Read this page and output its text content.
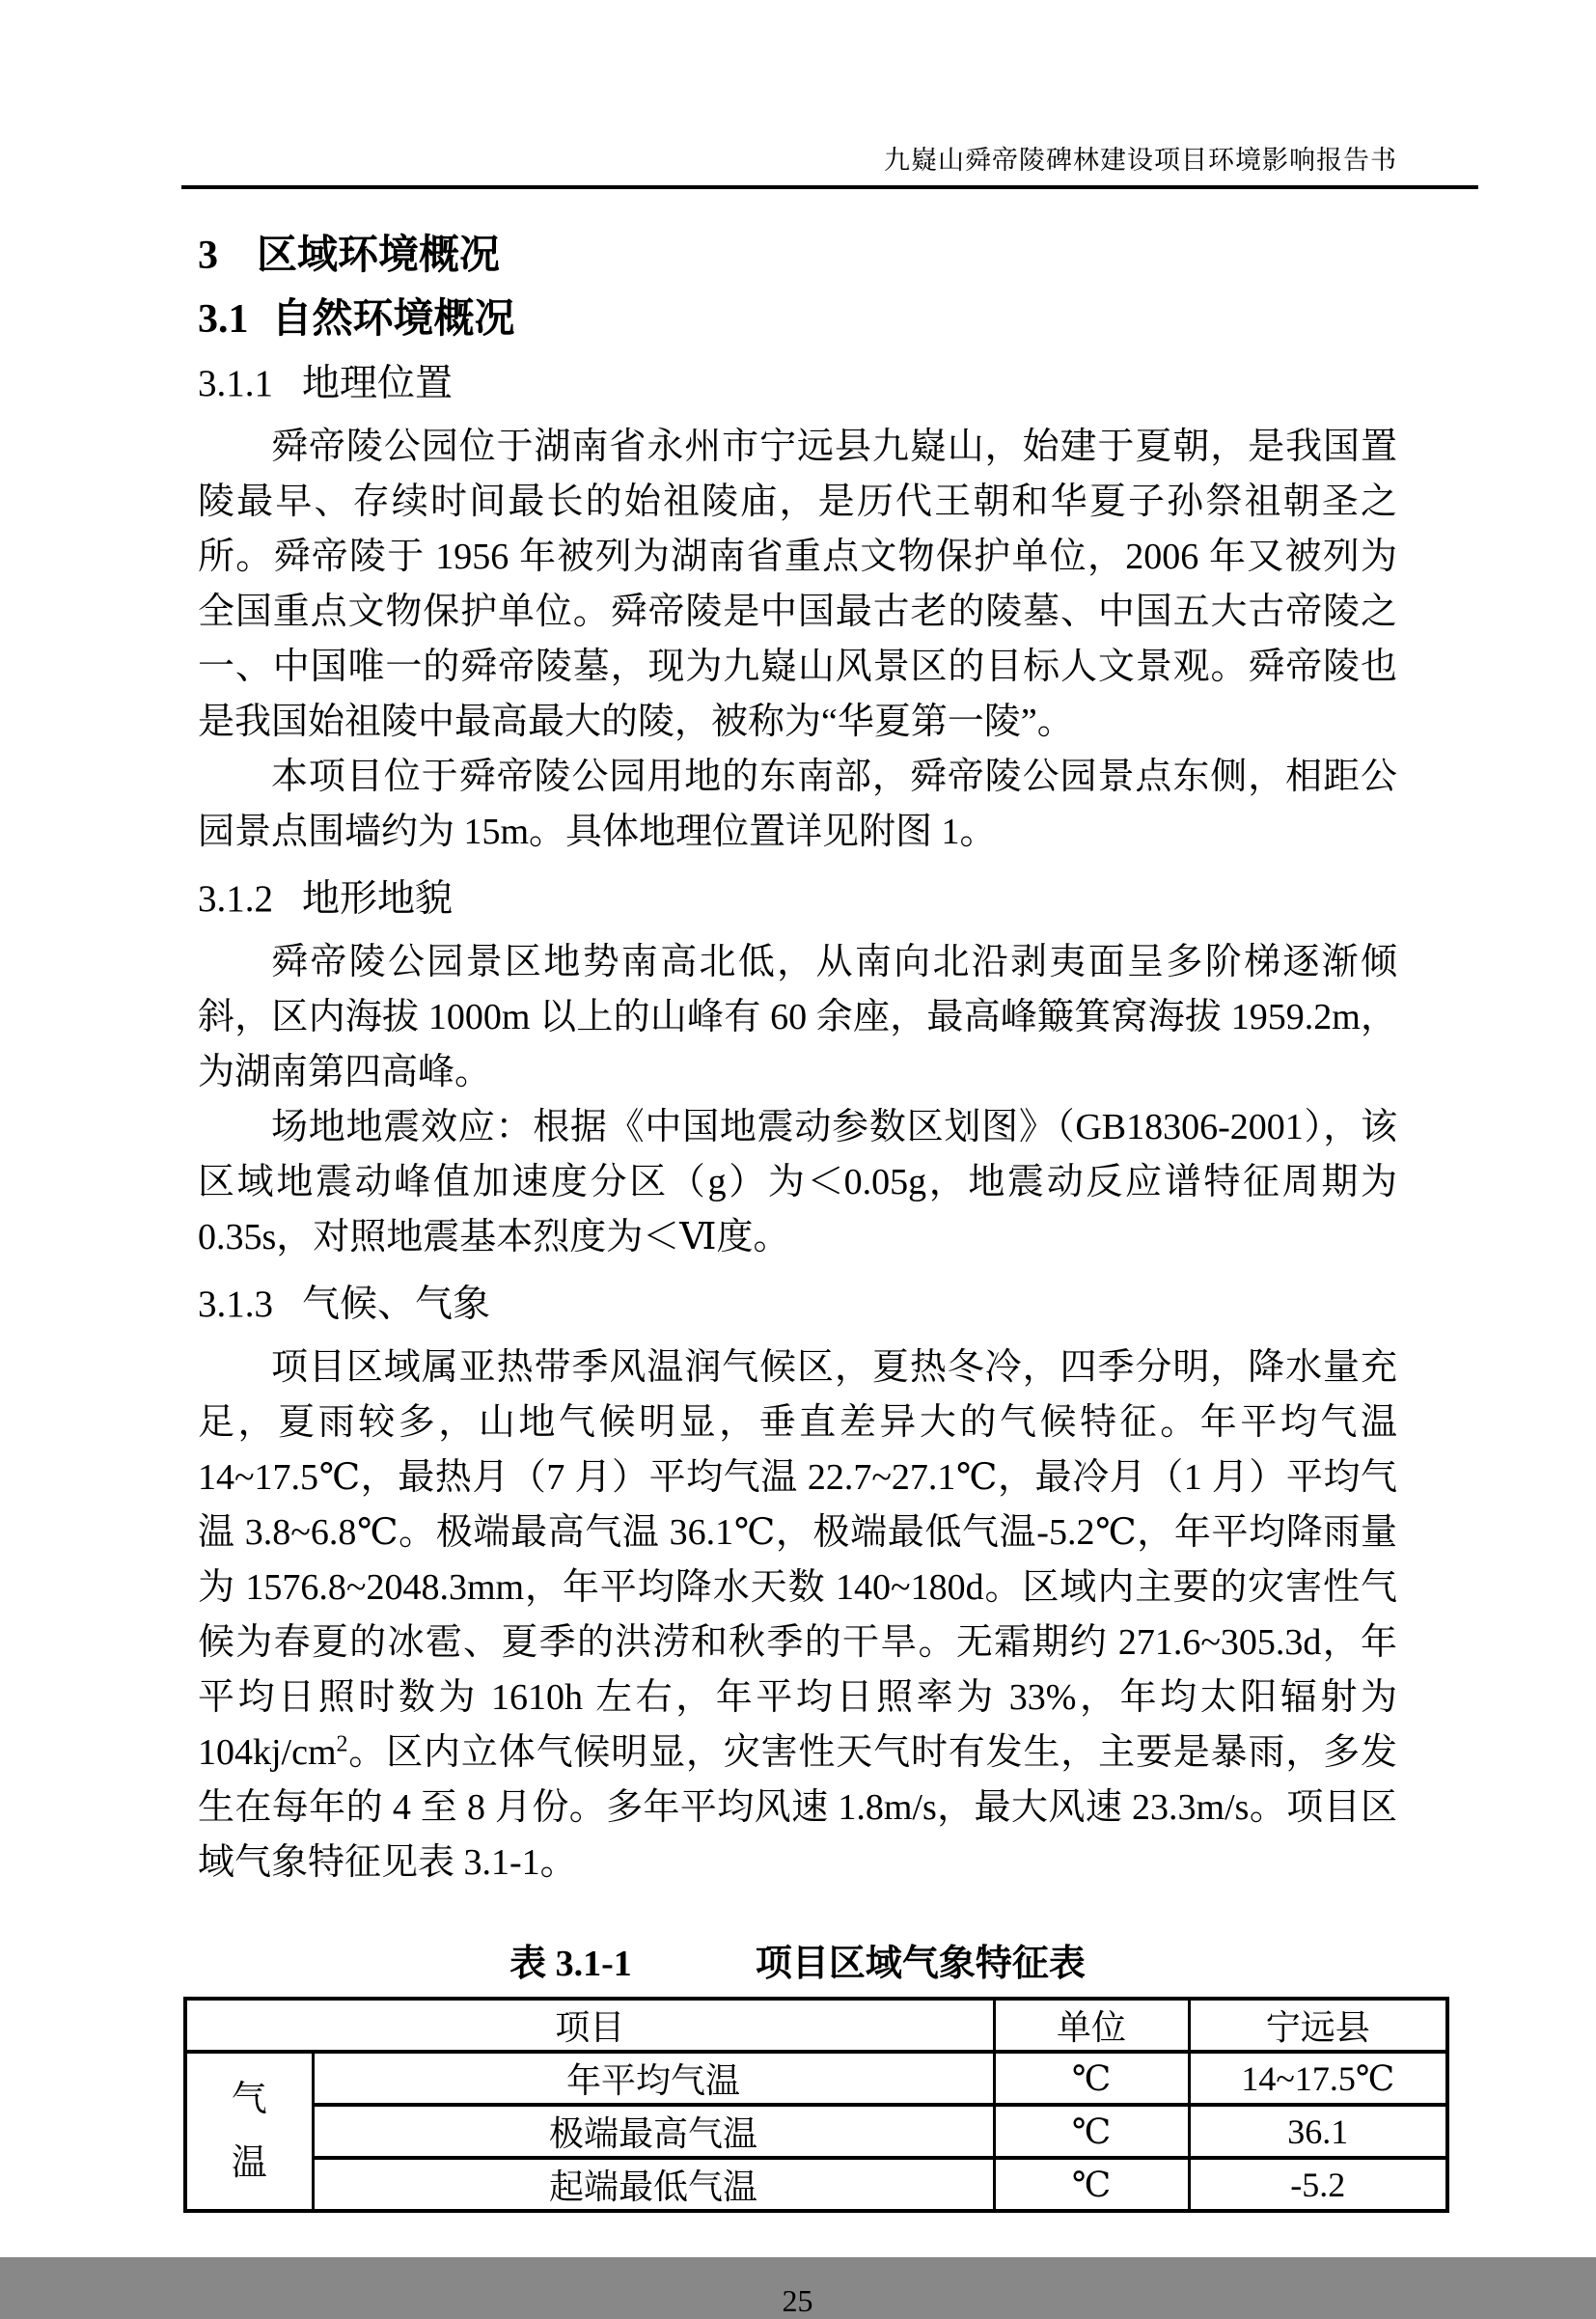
九嶷山舜帝陵碑林建设项目环境影响报告书
3 区域环境概况
3.1 自然环境概况
3.1.1 地理位置

舜帝陵公园位于湖南省永州市宁远县九嶷山，始建于夏朝，是我国置陵最早、存续时间最长的始祖陵庙，是历代王朝和华夏子孙祭祖朝圣之所。舜帝陵于 1956 年被列为湖南省重点文物保护单位，2006 年又被列为全国重点文物保护单位。舜帝陵是中国最古老的陵墓、中国五大古帝陵之一、中国唯一的舜帝陵墓，现为九嶷山风景区的目标人文景观。舜帝陵也是我国始祖陵中最高最大的陵，被称为“华夏第一陵”。

本项目位于舜帝陵公园用地的东南部，舜帝陵公园景点东侧，相距公园景点围墙约为 15m。具体地理位置详见附图 1。

3.1.2 地形地貌

舜帝陵公园景区地势南高北低，从南向北沿剥夷面呈多阶梯逐渐倾斜，区内海拔 1000m 以上的山峰有 60 余座，最高峰簸箕窝海拔 1959.2m，为湖南第四高峰。

场地地震效应：根据《中国地震动参数区划图》（GB18306-2001），该区域地震动峰值加速度分区（g）为＜0.05g，地震动反应谱特征周期为 0.35s，对照地震基本烈度为＜Ⅵ度。

3.1.3 气候、气象

项目区域属亚热带季风温润气候区，夏热冬冷，四季分明，降水量充足，夏雨较多，山地气候明显，垂直差异大的气候特征。年平均气温 14~17.5℃，最热月（7 月）平均气温 22.7~27.1℃，最冷月（1 月）平均气温 3.8~6.8℃。极端最高气温 36.1℃，极端最低气温-5.2℃，年平均降雨量为 1576.8~2048.3mm，年平均降水天数 140~180d。区域内主要的灾害性气候为春夏的冰雹、夏季的洪涝和秋季的干旱。无霜期约 271.6~305.3d，年平均日照时数为 1610h 左右，年平均日照率为 33%，年均太阳辐射为 $104kj/cm^2$。区内立体气候明显，灾害性天气时有发生，主要是暴雨，多发生在每年的 4 至 8 月份。多年平均风速 1.8m/s，最大风速 23.3m/s。项目区域气象特征见表 3.1-1。

表 3.1-1	项目区域气象特征表
项目		单位	宁远县
气温	年平均气温	℃	14~17.5℃
	极端最高气温	℃	36.1
	起端最低气温	℃	-5.2
25
